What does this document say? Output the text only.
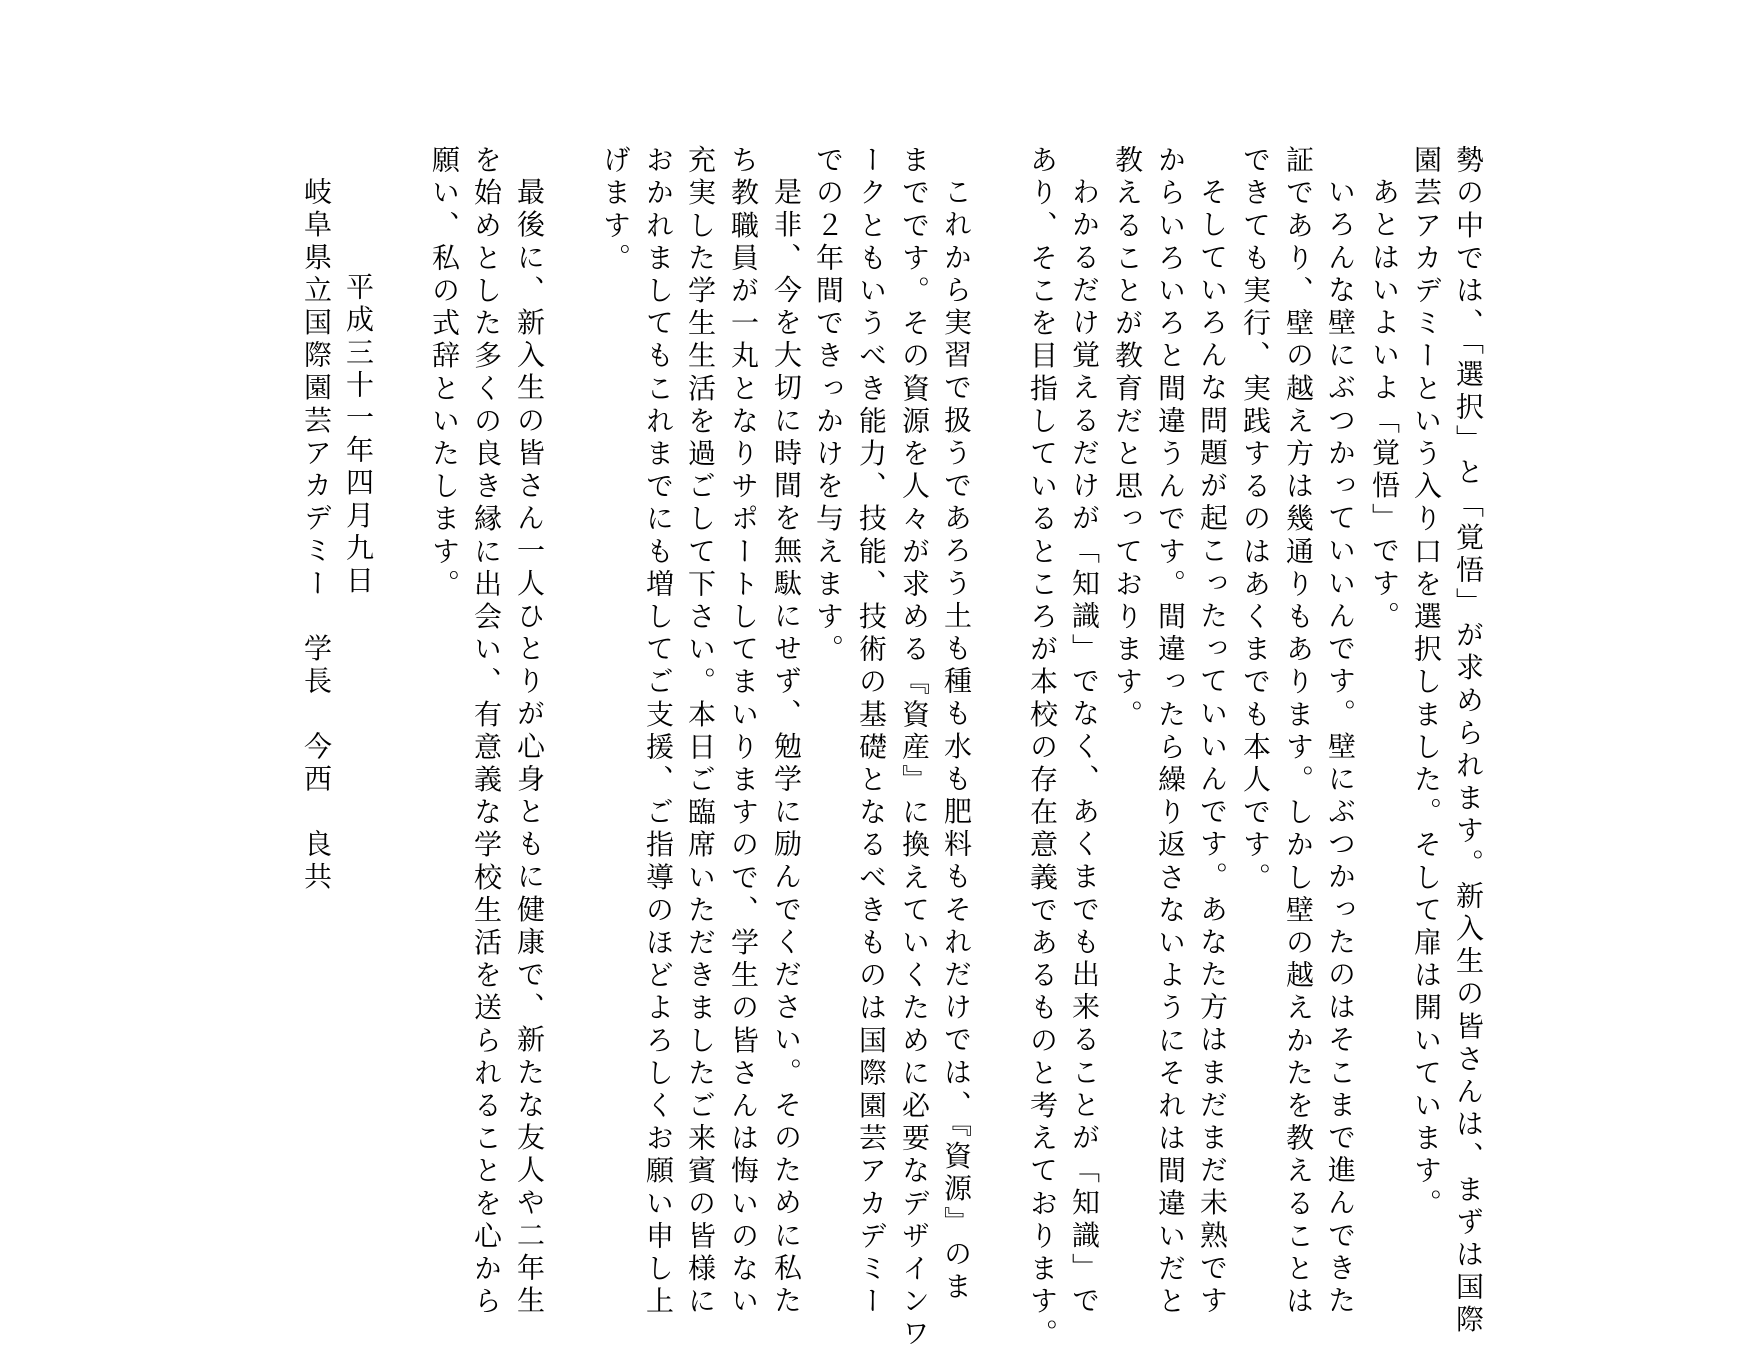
勢の中では、「選択」と「覚悟」が求められます。新入生の皆さんは、まずは国際
園芸アカデミーという入り口を選択しました。そして扉は開いています。
あとはいよいよ「覚悟」です。
いろんな壁にぶつかっていいんです。壁にぶつかったのはそこまで進んできた
証であり、壁の越え方は幾通りもあります。しかし壁の越えかたを教えることは
できても実行、実践するのはあくまでも本人です。
そしていろんな問題が起こったっていいんです。あなた方はまだまだ未熟です
からいろいろと間違うんです。間違ったら繰り返さないようにそれは間違いだと
教えることが教育だと思っております。
わかるだけ覚えるだけが「知識」でなく、あくまでも出来ることが「知識」で
あり、そこを目指しているところが本校の存在意義であるものと考えております。
これから実習で扱うであろう土も種も水も肥料もそれだけでは、『資源』のま
までです。その資源を人々が求める『資産』に換えていくために必要なデザインワ
ークともいうべき能力、技能、技術の基礎となるべきものは国際園芸アカデミー
での２年間できっかけを与えます。
是非、今を大切に時間を無駄にせず、勉学に励んでください。そのために私た
ち教職員が一丸となりサポートしてまいりますので、学生の皆さんは悔いのない
充実した学生生活を過ごして下さい。本日ご臨席いただきましたご来賓の皆様に
おかれましてもこれまでにも増してご支援、ご指導のほどよろしくお願い申し上
げます。
最後に、新入生の皆さん一人ひとりが心身ともに健康で、新たな友人や二年生
を始めとした多くの良き縁に出会い、有意義な学校生活を送られることを心から
願い、私の式辞といたします。
平成三十一年四月九日
岐阜県立国際園芸アカデミー　学長　今西　良共
